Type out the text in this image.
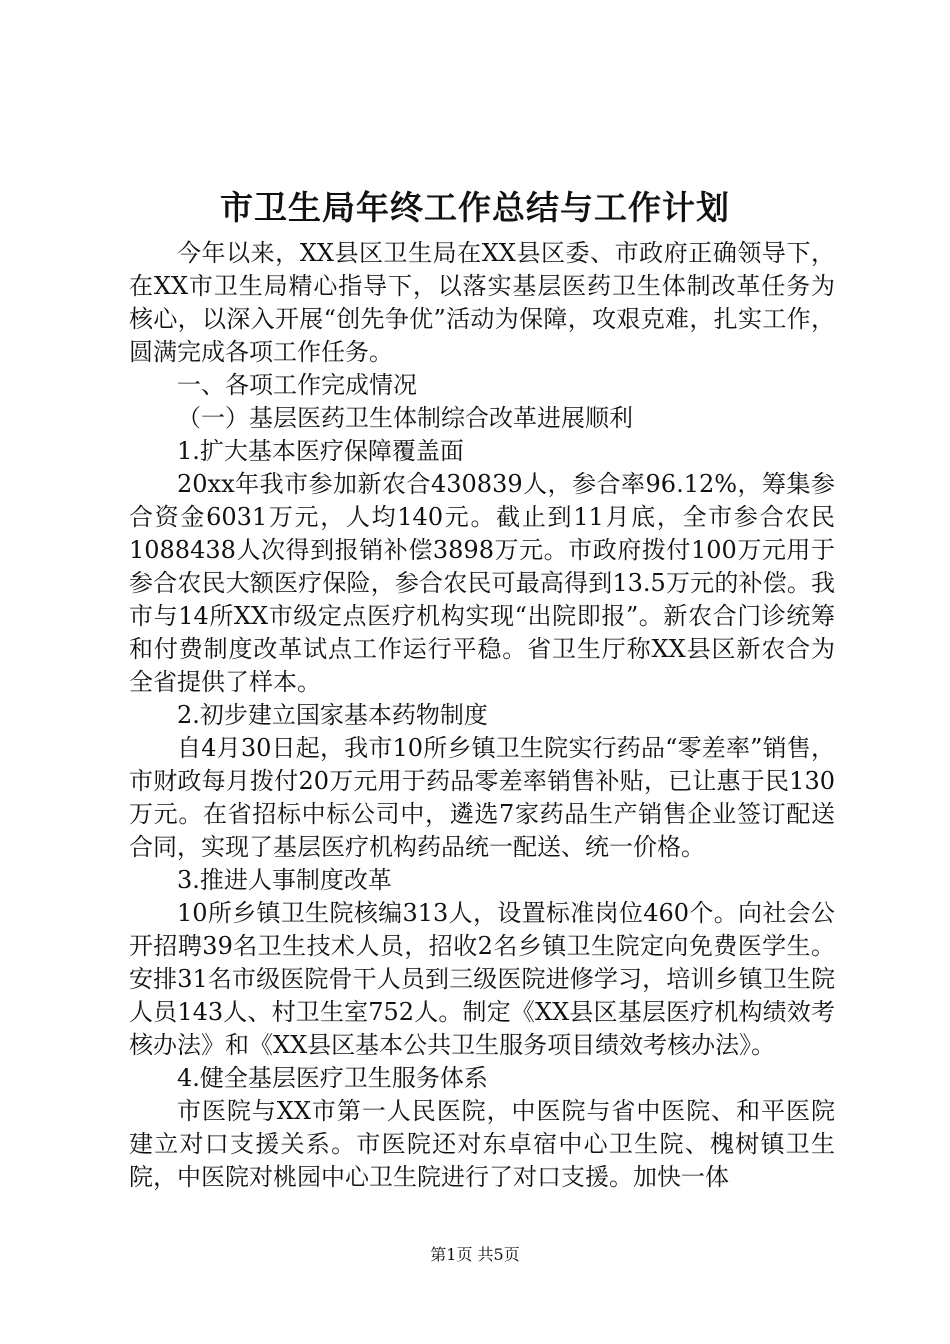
市卫生局年终工作总结与工作计划

今年以来，XX县区卫生局在XX县区委、市政府正确领导下，在XX市卫生局精心指导下，以落实基层医药卫生体制改革任务为核心，以深入开展“创先争优”活动为保障，攻艰克难，扎实工作，圆满完成各项工作任务。

一、各项工作完成情况

（一）基层医药卫生体制综合改革进展顺利

1.扩大基本医疗保障覆盖面

20xx年我市参加新农合430839人，参合率96.12%，筹集参合资金6031万元，人均140元。截止到11月底，全市参合农民1088438人次得到报销补偿3898万元。市政府拨付100万元用于参合农民大额医疗保险，参合农民可最高得到13.5万元的补偿。我市与14所XX市级定点医疗机构实现“出院即报”。新农合门诊统筹和付费制度改革试点工作运行平稳。省卫生厅称XX县区新农合为全省提供了样本。

2.初步建立国家基本药物制度

自4月30日起，我市10所乡镇卫生院实行药品“零差率”销售，市财政每月拨付20万元用于药品零差率销售补贴，已让惠于民130万元。在省招标中标公司中，遴选7家药品生产销售企业签订配送合同，实现了基层医疗机构药品统一配送、统一价格。

3.推进人事制度改革

10所乡镇卫生院核编313人，设置标准岗位460个。向社会公开招聘39名卫生技术人员，招收2名乡镇卫生院定向免费医学生。安排31名市级医院骨干人员到三级医院进修学习，培训乡镇卫生院人员143人、村卫生室752人。制定《XX县区基层医疗机构绩效考核办法》和《XX县区基本公共卫生服务项目绩效考核办法》。

4.健全基层医疗卫生服务体系

市医院与XX市第一人民医院，中医院与省中医院、和平医院建立对口支援关系。市医院还对东卓宿中心卫生院、槐树镇卫生院，中医院对桃园中心卫生院进行了对口支援。加快一体

第1页 共5页
